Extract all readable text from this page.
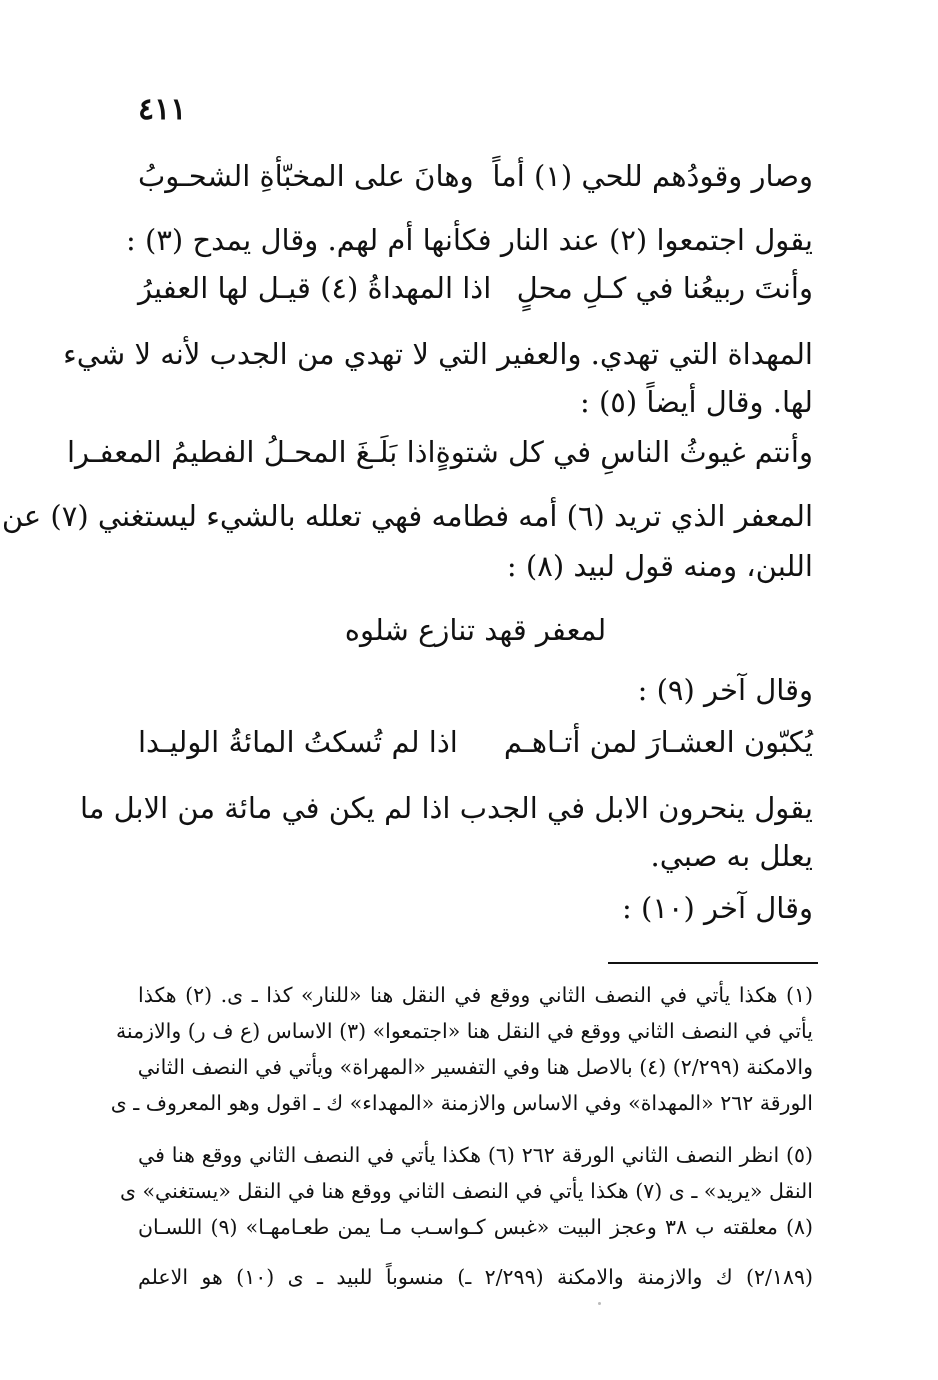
٤١١
وصار وقودُهم للحي (١) أماً
وهانَ على المخبّأةِ الشحـوبُ
يقول اجتمعوا (٢) عند النار فكأنها أم لهم. وقال يمدح (٣) :
وأنتَ ربيعُنا في كـلِ محلٍ
اذا المهداةُ (٤) قيـل لها العفيرُ
المهداة التي تهدي. والعفير التي لا تهدي من الجدب لأنه لا شيء
لها. وقال أيضاً (٥) :
وأنتم غيوثُ الناسِ في كل شتوةٍ
اذا بَلَـغَ المحـلُ الفطيمُ المعفـرا
المعفر الذي تريد (٦) أمه فطامه فهي تعلله بالشيء ليستغني (٧) عن
اللبن، ومنه قول لبيد (٨) :
لمعفر قهد تنازع شلوه
وقال آخر (٩) :
يُكبّون العشـارَ لمن أتـاهـم
اذا لم تُسكتُ المائةُ الوليـدا
يقول ينحرون الابل في الجدب اذا لم يكن في مائة من الابل ما
يعلل به صبي.
وقال آخر (١٠) :
(١) هكذا يأتي في النصف الثاني ووقع في النقل هنا «للنار» كذا ـ ى. (٢) هكذا
يأتي في النصف الثاني ووقع في النقل هنا «اجتمعوا» (٣) الاساس (ع ف ر) والازمنة
والامكنة (٢/٢٩٩) (٤) بالاصل هنا وفي التفسير «المهراة» ويأتي في النصف الثاني
الورقة ٢٦٢ «المهداة» وفي الاساس والازمنة «المهداء» ك ـ اقول وهو المعروف ـ ى
(٥) انظر النصف الثاني الورقة ٢٦٢ (٦) هكذا يأتي في النصف الثاني ووقع هنا في
النقل «يريد» ـ ى (٧) هكذا يأتي في النصف الثاني ووقع هنا في النقل «يستغني» ى
(٨) معلقته ب ٣٨ وعجز البيت «غبس كـواسـب مـا يمن طعـامهـا» (٩) اللسـان
(٢/١٨٩) ك والازمنة والامكنة (٢/٢٩٩ ـ) منسوباً للبيد ـ ى (١٠) هو الاعلم
